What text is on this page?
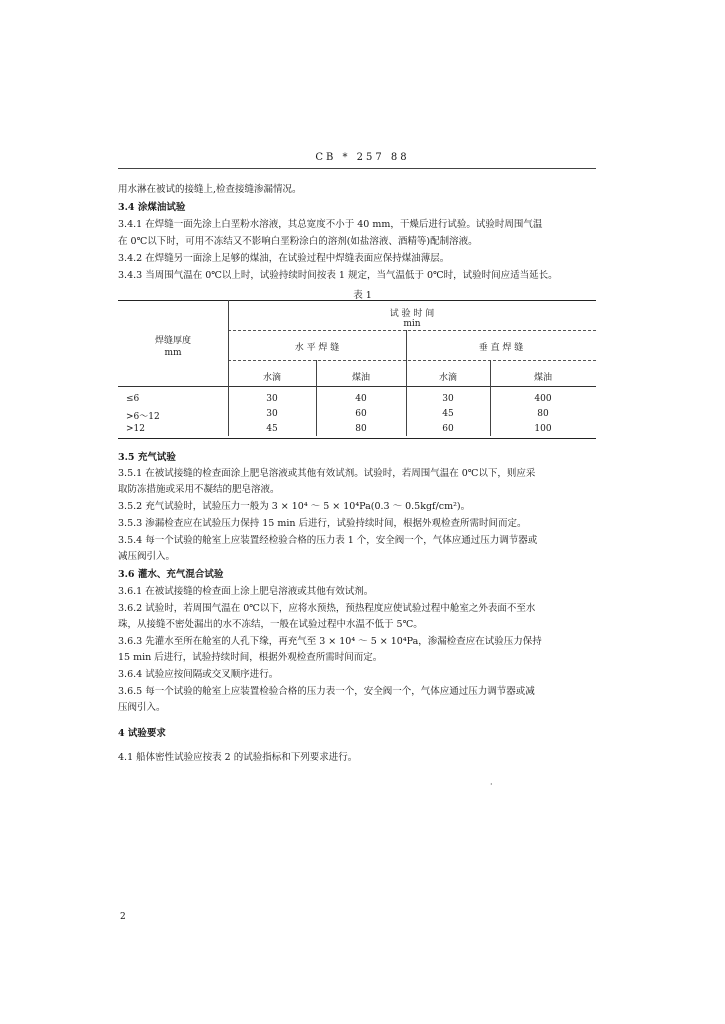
CB * 257 88
用水淋在被试的接缝上,检查接缝渗漏情况。
3.4 涂煤油试验
3.4.1 在焊缝一面先涂上白垩粉水溶液，其总宽度不小于 40 mm，干燥后进行试验。试验时周围气温
在 0℃以下时，可用不冻结又不影响白垩粉涂白的溶剂(如盐溶液、酒精等)配制溶液。
3.4.2 在焊缝另一面涂上足够的煤油，在试验过程中焊缝表面应保持煤油薄层。
3.4.3 当周围气温在 0℃以上时，试验持续时间按表 1 规定，当气温低于 0℃时，试验时间应适当延长。
表 1
试 验 时 间
min
焊缝厚度
mm	水 平 焊 缝	垂 直 焊 缝
水滴	煤油	水滴	煤油
≤6	30	40	30	400
>6～12	30	60	45	80
>12	45	80	60	100
3.5 充气试验
3.5.1 在被试接缝的检查面涂上肥皂溶液或其他有效试剂。试验时，若周围气温在 0℃以下，则应采
取防冻措施或采用不凝结的肥皂溶液。
3.5.2 充气试验时，试验压力一般为 3 × 10⁴ ～ 5 × 10⁴Pa(0.3 ～ 0.5kgf/cm²)。
3.5.3 渗漏检查应在试验压力保持 15 min 后进行，试验持续时间，根据外观检查所需时间而定。
3.5.4 每一个试验的舱室上应装置经检验合格的压力表 1 个，安全阀一个，气体应通过压力调节器或
减压阀引入。
3.6 灌水、充气混合试验
3.6.1 在被试接缝的检查面上涂上肥皂溶液或其他有效试剂。
3.6.2 试验时，若周围气温在 0℃以下，应将水预热，预热程度应使试验过程中舱室之外表面不至水
珠，从接缝不密处漏出的水不冻结，一般在试验过程中水温不低于 5℃。
3.6.3 先灌水至所在舱室的人孔下缘，再充气至 3 × 10⁴ ～ 5 × 10⁴Pa，渗漏检查应在试验压力保持
15 min 后进行，试验持续时间，根据外观检查所需时间而定。
3.6.4 试验应按间隔或交叉顺序进行。
3.6.5 每一个试验的舱室上应装置检验合格的压力表一个，安全阀一个，气体应通过压力调节器或减
压阀引入。
4 试验要求
4.1 船体密性试验应按表 2 的试验指标和下列要求进行。
·
2
